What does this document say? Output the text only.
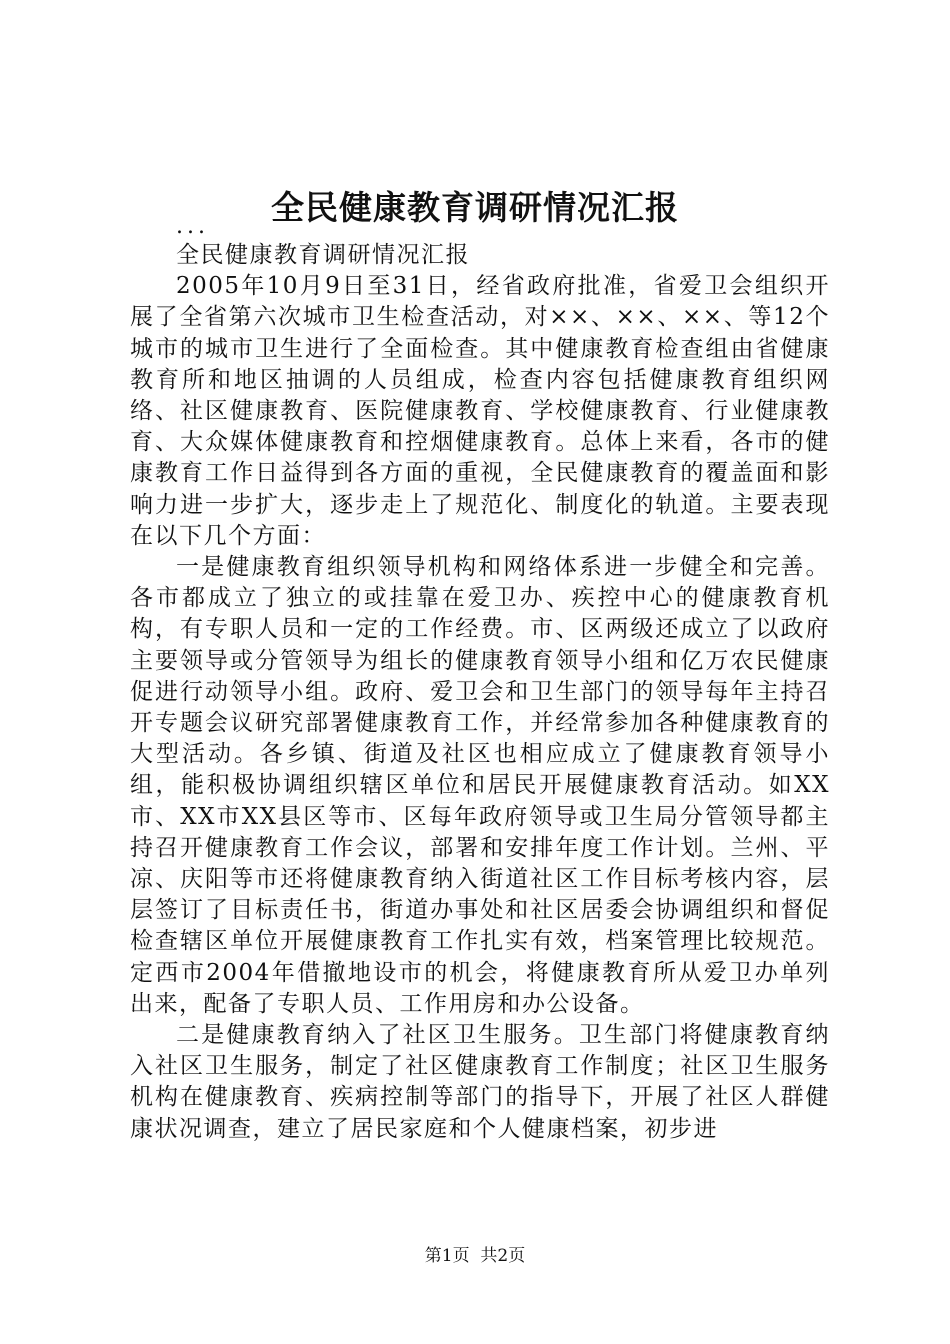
全民健康教育调研情况汇报
...

全民健康教育调研情况汇报

2005年10月9日至31日，经省政府批准，省爱卫会组织开展了全省第六次城市卫生检查活动，对××、××、××、等12个城市的城市卫生进行了全面检查。其中健康教育检查组由省健康教育所和地区抽调的人员组成，检查内容包括健康教育组织网络、社区健康教育、医院健康教育、学校健康教育、行业健康教育、大众媒体健康教育和控烟健康教育。总体上来看，各市的健康教育工作日益得到各方面的重视，全民健康教育的覆盖面和影响力进一步扩大，逐步走上了规范化、制度化的轨道。主要表现在以下几个方面：

一是健康教育组织领导机构和网络体系进一步健全和完善。各市都成立了独立的或挂靠在爱卫办、疾控中心的健康教育机构，有专职人员和一定的工作经费。市、区两级还成立了以政府主要领导或分管领导为组长的健康教育领导小组和亿万农民健康促进行动领导小组。政府、爱卫会和卫生部门的领导每年主持召开专题会议研究部署健康教育工作，并经常参加各种健康教育的大型活动。各乡镇、街道及社区也相应成立了健康教育领导小组，能积极协调组织辖区单位和居民开展健康教育活动。如XX市、XX市XX县区等市、区每年政府领导或卫生局分管领导都主持召开健康教育工作会议，部署和安排年度工作计划。兰州、平凉、庆阳等市还将健康教育纳入街道社区工作目标考核内容，层层签订了目标责任书，街道办事处和社区居委会协调组织和督促检查辖区单位开展健康教育工作扎实有效，档案管理比较规范。定西市2004年借撤地设市的机会，将健康教育所从爱卫办单列出来，配备了专职人员、工作用房和办公设备。

二是健康教育纳入了社区卫生服务。卫生部门将健康教育纳入社区卫生服务，制定了社区健康教育工作制度；社区卫生服务机构在健康教育、疾病控制等部门的指导下，开展了社区人群健康状况调查，建立了居民家庭和个人健康档案，初步进

第1页  共2页
